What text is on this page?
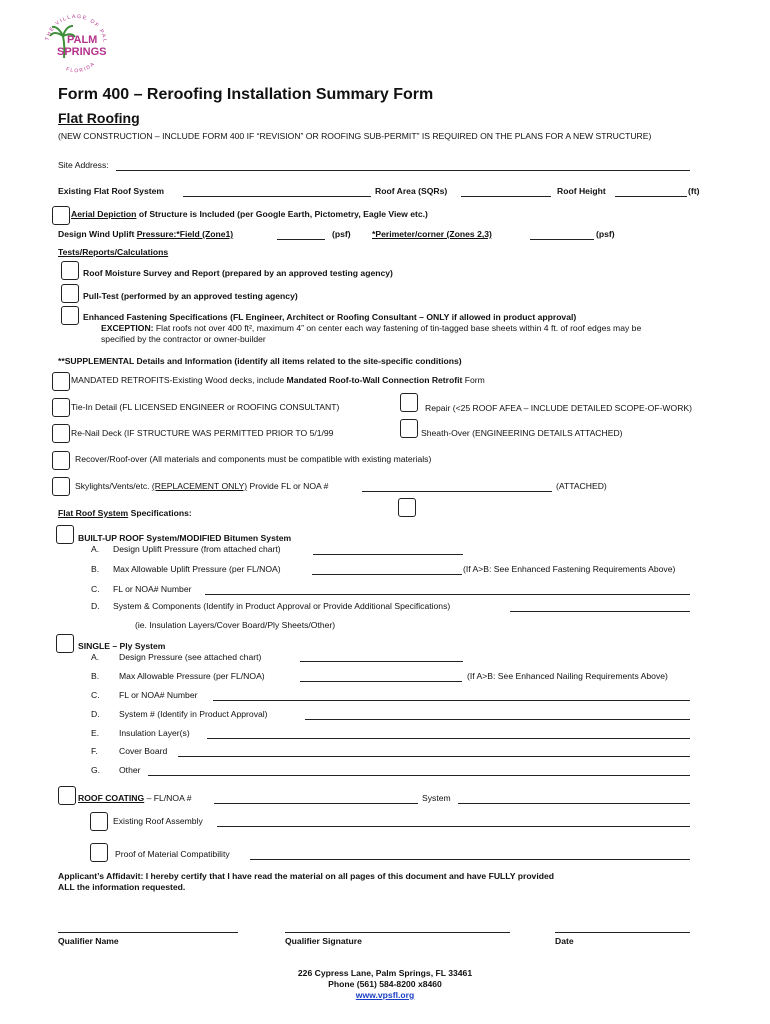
THE VILLAGE OF PAL
FLORIDA
PALM
SPRINGS
Form 400 – Reroofing Installation Summary Form
Flat Roofing
(NEW CONSTRUCTION – INCLUDE FORM 400 IF “REVISION” OR ROOFING SUB-PERMIT” IS REQUIRED ON THE PLANS FOR A NEW STRUCTURE)
Site Address:
Existing Flat Roof System	Roof Area (SQRs)	Roof Height	(ft)
Aerial Depiction of Structure is Included (per Google Earth, Pictometry, Eagle View etc.)
Design Wind Uplift Pressure:*Field (Zone1)	(psf) *Perimeter/corner (Zones 2,3)	(psf)
Tests/Reports/Calculations
Roof Moisture Survey and Report (prepared by an approved testing agency)
Pull-Test (performed by an approved testing agency)
Enhanced Fastening Specifications (FL Engineer, Architect or Roofing Consultant – ONLY if allowed in product approval)
EXCEPTION: Flat roofs not over 400 ft², maximum 4” on center each way fastening of tin-tagged base sheets within 4 ft. of roof edges may be
specified by the contractor or owner-builder
**SUPPLEMENTAL Details and Information (identify all items related to the site-specific conditions)
MANDATED RETROFITS-Existing Wood decks, include Mandated Roof-to-Wall Connection Retrofit Form
Tie-In Detail (FL LICENSED ENGINEER or ROOFING CONSULTANT)	Repair (<25 ROOF AFEA – INCLUDE DETAILED SCOPE-OF-WORK)
Re-Nail Deck (IF STRUCTURE WAS PERMITTED PRIOR TO 5/1/99	Sheath-Over (ENGINEERING DETAILS ATTACHED)
Recover/Roof-over (All materials and components must be compatible with existing materials)
Skylights/Vents/etc. (REPLACEMENT ONLY) Provide FL or NOA #	(ATTACHED)
Flat Roof System Specifications:
BUILT-UP ROOF System/MODIFIED Bitumen System
A. Design Uplift Pressure (from attached chart)
B. Max Allowable Uplift Pressure (per FL/NOA)	(If A>B: See Enhanced Fastening Requirements Above)
C. FL or NOA# Number
D. System & Components (Identify in Product Approval or Provide Additional Specifications)
(ie. Insulation Layers/Cover Board/Ply Sheets/Other)
SINGLE – Ply System
A. Design Pressure (see attached chart)
B. Max Allowable Pressure (per FL/NOA)	(If A>B: See Enhanced Nailing Requirements Above)
C. FL or NOA# Number
D. System # (Identify in Product Approval)
E. Insulation Layer(s)
F. Cover Board
G. Other
ROOF COATING – FL/NOA #	System
Existing Roof Assembly
Proof of Material Compatibility
Applicant’s Affidavit: I hereby certify that I have read the material on all pages of this document and have FULLY provided
ALL the information requested.
Qualifier Name	Qualifier Signature	Date
226 Cypress Lane, Palm Springs, FL 33461
Phone (561) 584-8200 x8460
www.vpsfl.org
